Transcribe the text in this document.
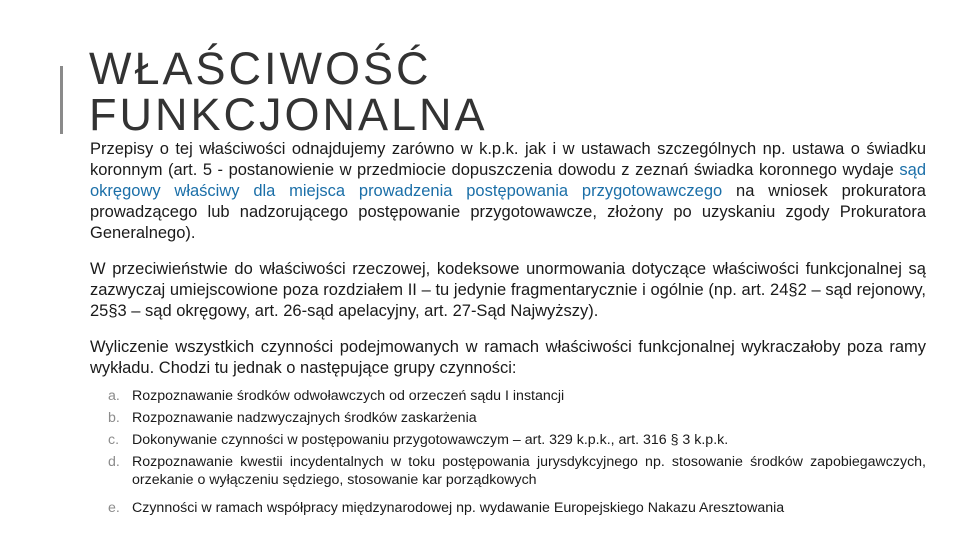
WŁAŚCIWOŚĆ
FUNKCJONALNA

Przepisy o tej właściwości odnajdujemy zarówno w k.p.k. jak i w ustawach szczególnych np. ustawa o świadku koronnym (art. 5 - postanowienie w przedmiocie dopuszczenia dowodu z zeznań świadka koronnego wydaje sąd okręgowy właściwy dla miejsca prowadzenia postępowania przygotowawczego na wniosek prokuratora prowadzącego lub nadzorującego postępowanie przygotowawcze, złożony po uzyskaniu zgody Prokuratora Generalnego).

W przeciwieństwie do właściwości rzeczowej, kodeksowe unormowania dotyczące właściwości funkcjonalnej są zazwyczaj umiejscowione poza rozdziałem II – tu jedynie fragmentarycznie i ogólnie (np. art. 24§2 – sąd rejonowy, 25§3 – sąd okręgowy, art. 26-sąd apelacyjny, art. 27-Sąd Najwyższy).

Wyliczenie wszystkich czynności podejmowanych w ramach właściwości funkcjonalnej wykraczałoby poza ramy wykładu. Chodzi tu jednak o następujące grupy czynności:

a. Rozpoznawanie środków odwoławczych od orzeczeń sądu I instancji
b. Rozpoznawanie nadzwyczajnych środków zaskarżenia
c. Dokonywanie czynności w postępowaniu przygotowawczym – art. 329 k.p.k., art. 316 § 3 k.p.k.
d. Rozpoznawanie kwestii incydentalnych w toku postępowania jurysdykcyjnego np. stosowanie środków zapobiegawczych, orzekanie o wyłączeniu sędziego, stosowanie kar porządkowych
e. Czynności w ramach współpracy międzynarodowej np. wydawanie Europejskiego Nakazu Aresztowania
